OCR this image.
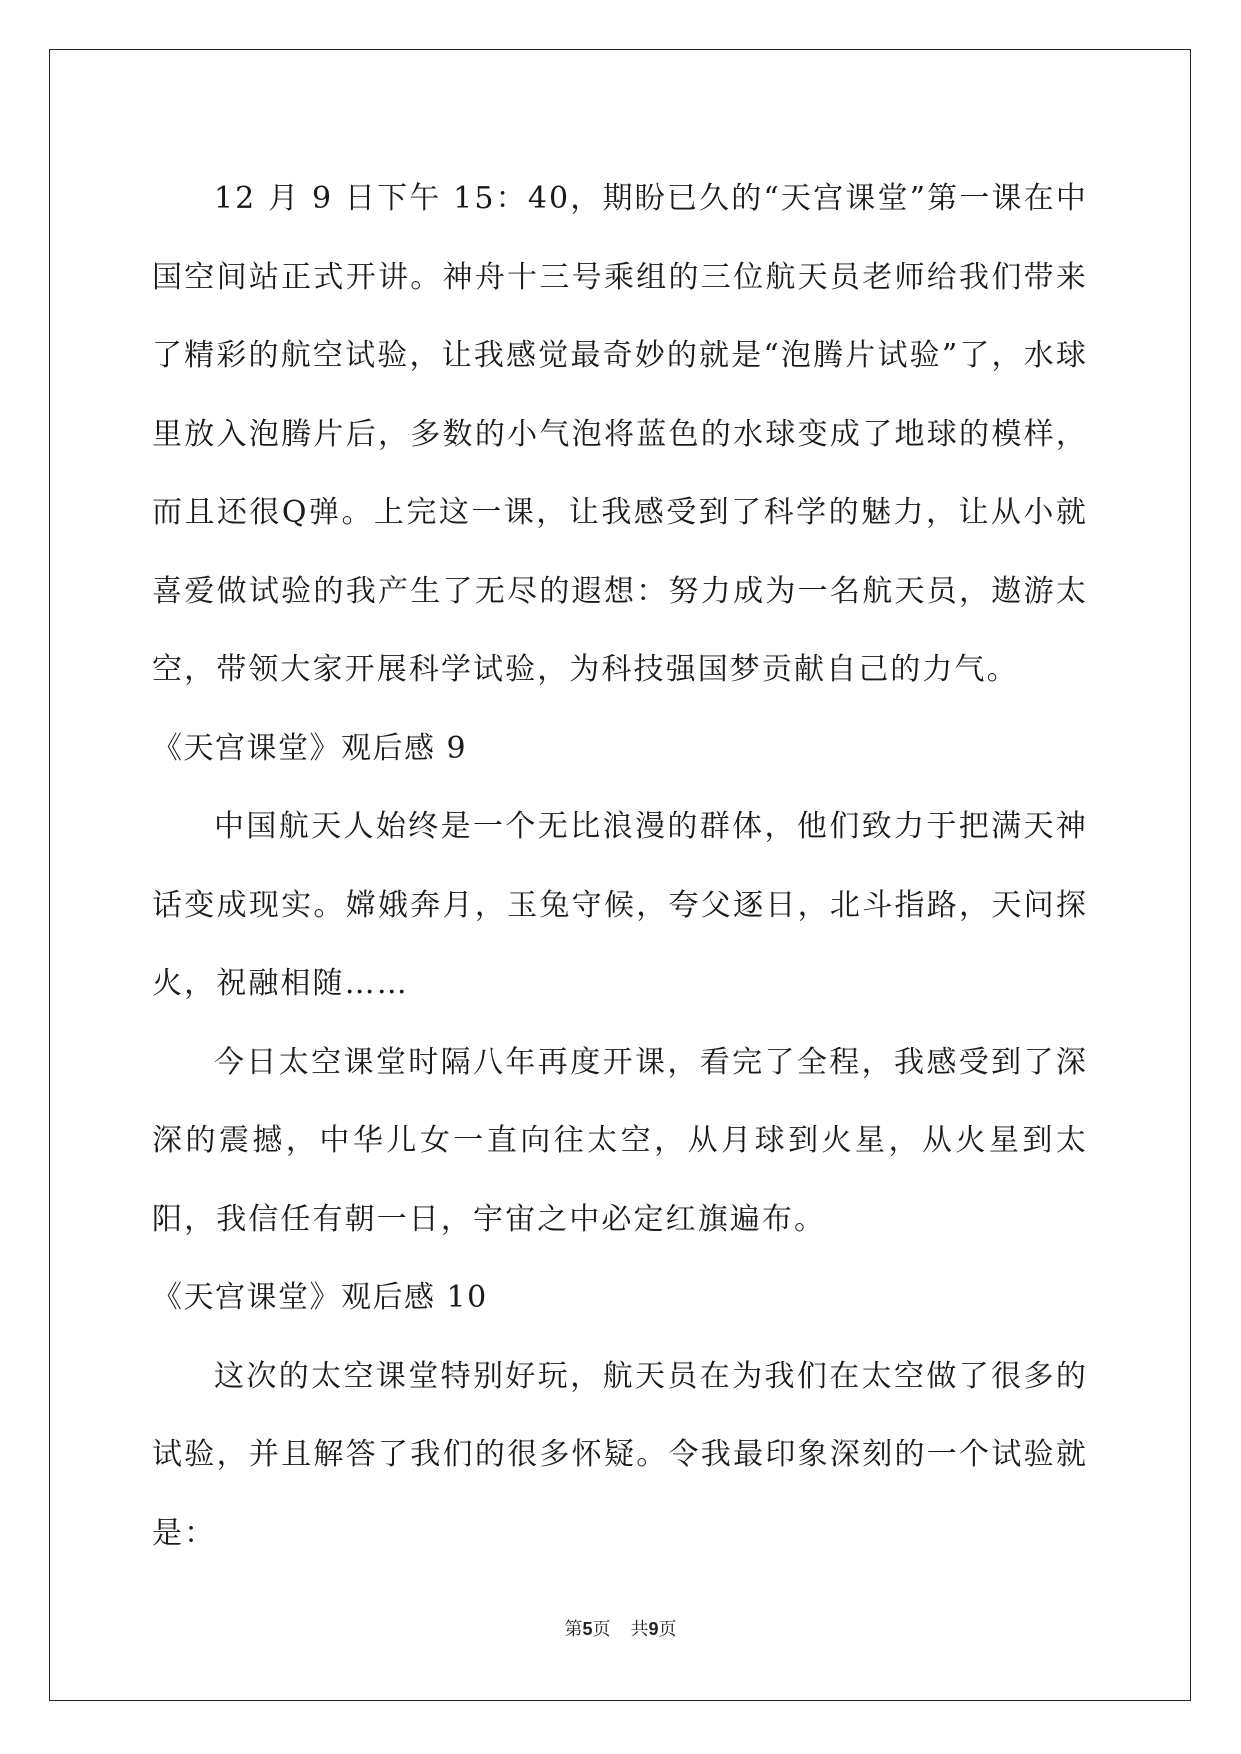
12 月 9 日下午 15：40，期盼已久的“天宫课堂”第一课在中国空间站正式开讲。神舟十三号乘组的三位航天员老师给我们带来了精彩的航空试验，让我感觉最奇妙的就是“泡腾片试验”了，水球里放入泡腾片后，多数的小气泡将蓝色的水球变成了地球的模样，而且还很Q弹。上完这一课，让我感受到了科学的魅力，让从小就喜爱做试验的我产生了无尽的遐想：努力成为一名航天员，遨游太空，带领大家开展科学试验，为科技强国梦贡献自己的力气。

《天宫课堂》观后感 9

中国航天人始终是一个无比浪漫的群体，他们致力于把满天神话变成现实。嫦娥奔月，玉兔守候，夸父逐日，北斗指路，天问探火，祝融相随……

今日太空课堂时隔八年再度开课，看完了全程，我感受到了深深的震撼，中华儿女一直向往太空，从月球到火星，从火星到太阳，我信任有朝一日，宇宙之中必定红旗遍布。

《天宫课堂》观后感 10

这次的太空课堂特别好玩，航天员在为我们在太空做了很多的试验，并且解答了我们的很多怀疑。令我最印象深刻的一个试验就是：

第5页 共9页
